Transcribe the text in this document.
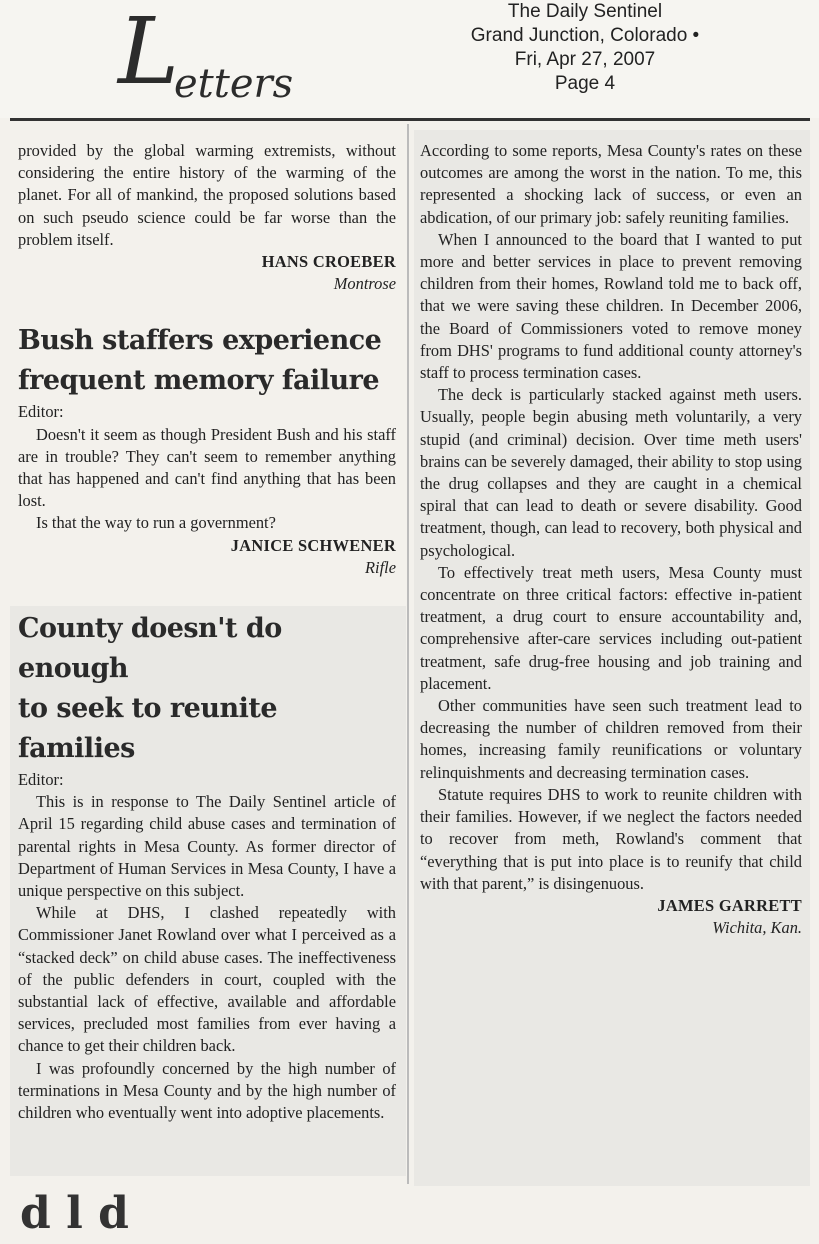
L
etters
The Daily Sentinel
Grand Junction, Colorado •
Fri, Apr 27, 2007
Page 4

provided by the global warming extremists, without considering the entire history of the warming of the planet. For all of mankind, the proposed solutions based on such pseudo science could be far worse than the problem itself.

HANS CROEBER
Montrose
Bush staffers experience
frequent memory failure
Editor:

Doesn't it seem as though President Bush and his staff are in trouble? They can't seem to remember anything that has happened and can't find anything that has been lost.

Is that the way to run a government?

JANICE SCHWENER
Rifle
County doesn't do enough
to seek to reunite families
Editor:

This is in response to The Daily Sentinel article of April 15 regarding child abuse cases and termination of parental rights in Mesa County. As former director of Department of Human Services in Mesa County, I have a unique perspective on this subject.

While at DHS, I clashed repeatedly with Commissioner Janet Rowland over what I perceived as a “stacked deck” on child abuse cases. The ineffectiveness of the public defenders in court, coupled with the substantial lack of effective, available and affordable services, precluded most families from ever having a chance to get their children back.

I was profoundly concerned by the high number of terminations in Mesa County and by the high number of children who eventually went into adoptive placements.

According to some reports, Mesa County's rates on these outcomes are among the worst in the nation. To me, this represented a shocking lack of success, or even an abdication, of our primary job: safely reuniting families.

When I announced to the board that I wanted to put more and better services in place to prevent removing children from their homes, Rowland told me to back off, that we were saving these children. In December 2006, the Board of Commissioners voted to remove money from DHS' programs to fund additional county attorney's staff to process termination cases.

The deck is particularly stacked against meth users. Usually, people begin abusing meth voluntarily, a very stupid (and criminal) decision. Over time meth users' brains can be severely damaged, their ability to stop using the drug collapses and they are caught in a chemical spiral that can lead to death or severe disability. Good treatment, though, can lead to recovery, both physical and psychological.

To effectively treat meth users, Mesa County must concentrate on three critical factors: effective in-patient treatment, a drug court to ensure accountability and, comprehensive after-care services including out-patient treatment, safe drug-free housing and job training and placement.

Other communities have seen such treatment lead to decreasing the number of children removed from their homes, increasing family reunifications or voluntary relinquishments and decreasing termination cases.

Statute requires DHS to work to reunite children with their families. However, if we neglect the factors needed to recover from meth, Rowland's comment that “everything that is put into place is to reunify that child with that parent,” is disingenuous.

JAMES GARRETT
Wichita, Kan.
d l d
